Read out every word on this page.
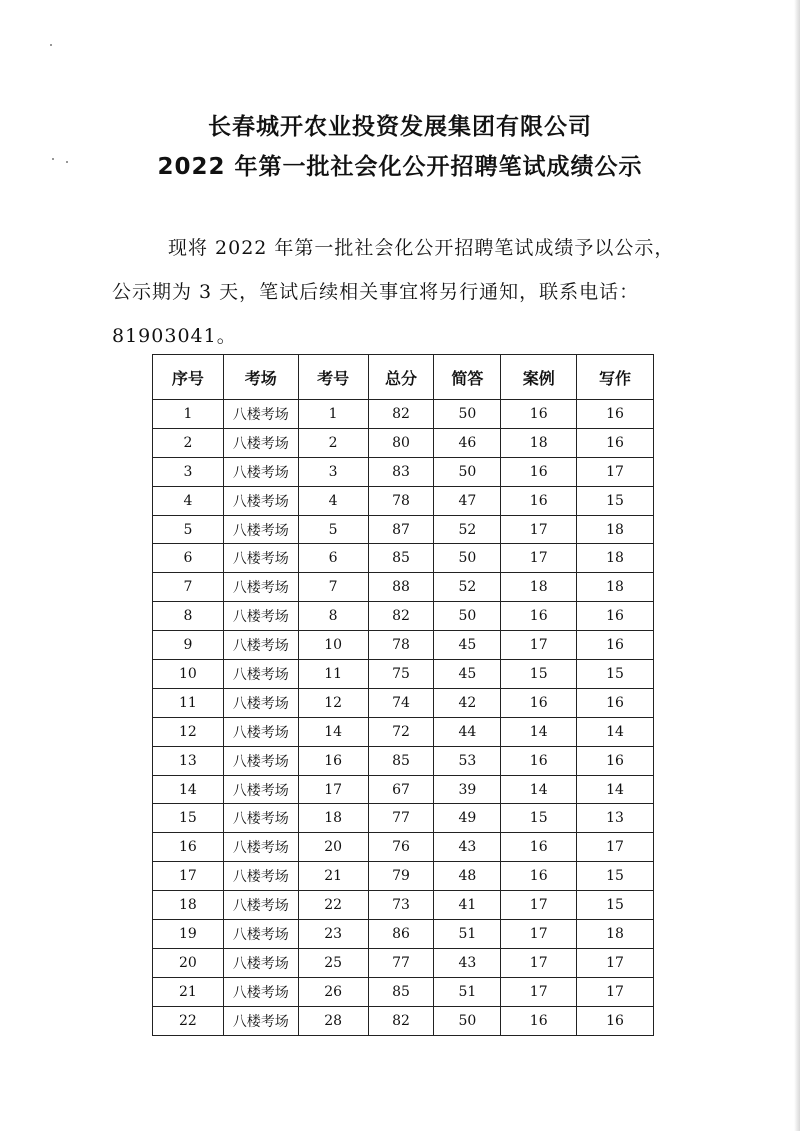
长春城开农业投资发展集团有限公司
2022 年第一批社会化公开招聘笔试成绩公示
现将 2022 年第一批社会化公开招聘笔试成绩予以公示，
公示期为 3 天，笔试后续相关事宜将另行通知，联系电话：
81903041。
序号	考场	考号	总分	简答	案例	写作
1	八楼考场	1	82	50	16	16
2	八楼考场	2	80	46	18	16
3	八楼考场	3	83	50	16	17
4	八楼考场	4	78	47	16	15
5	八楼考场	5	87	52	17	18
6	八楼考场	6	85	50	17	18
7	八楼考场	7	88	52	18	18
8	八楼考场	8	82	50	16	16
9	八楼考场	10	78	45	17	16
10	八楼考场	11	75	45	15	15
11	八楼考场	12	74	42	16	16
12	八楼考场	14	72	44	14	14
13	八楼考场	16	85	53	16	16
14	八楼考场	17	67	39	14	14
15	八楼考场	18	77	49	15	13
16	八楼考场	20	76	43	16	17
17	八楼考场	21	79	48	16	15
18	八楼考场	22	73	41	17	15
19	八楼考场	23	86	51	17	18
20	八楼考场	25	77	43	17	17
21	八楼考场	26	85	51	17	17
22	八楼考场	28	82	50	16	16
